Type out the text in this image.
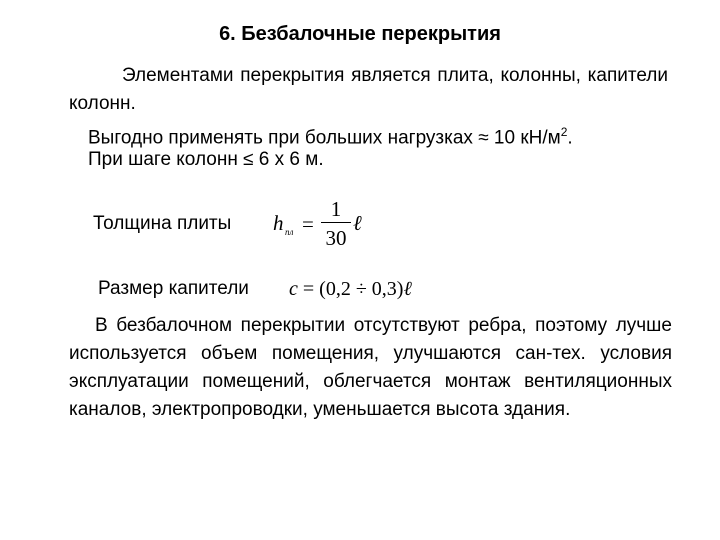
6. Безбалочные перекрытия

Элементами перекрытия является плита, колонны, капители колонн.

Выгодно применять при больших нагрузках ≈ 10 $кН/м^2$.

При шаге колонн ≤ 6 х 6 м.

Толщина плиты h пл =
1
30
ℓ
Размер капители c = (0,2 ÷ 0,3)ℓ

В безбалочном перекрытии отсутствуют ребра, поэтому лучше используется объем помещения, улучшаются сан-тех. условия эксплуатации помещений, облегчается монтаж вентиляционных каналов, электропроводки, уменьшается высота здания.
